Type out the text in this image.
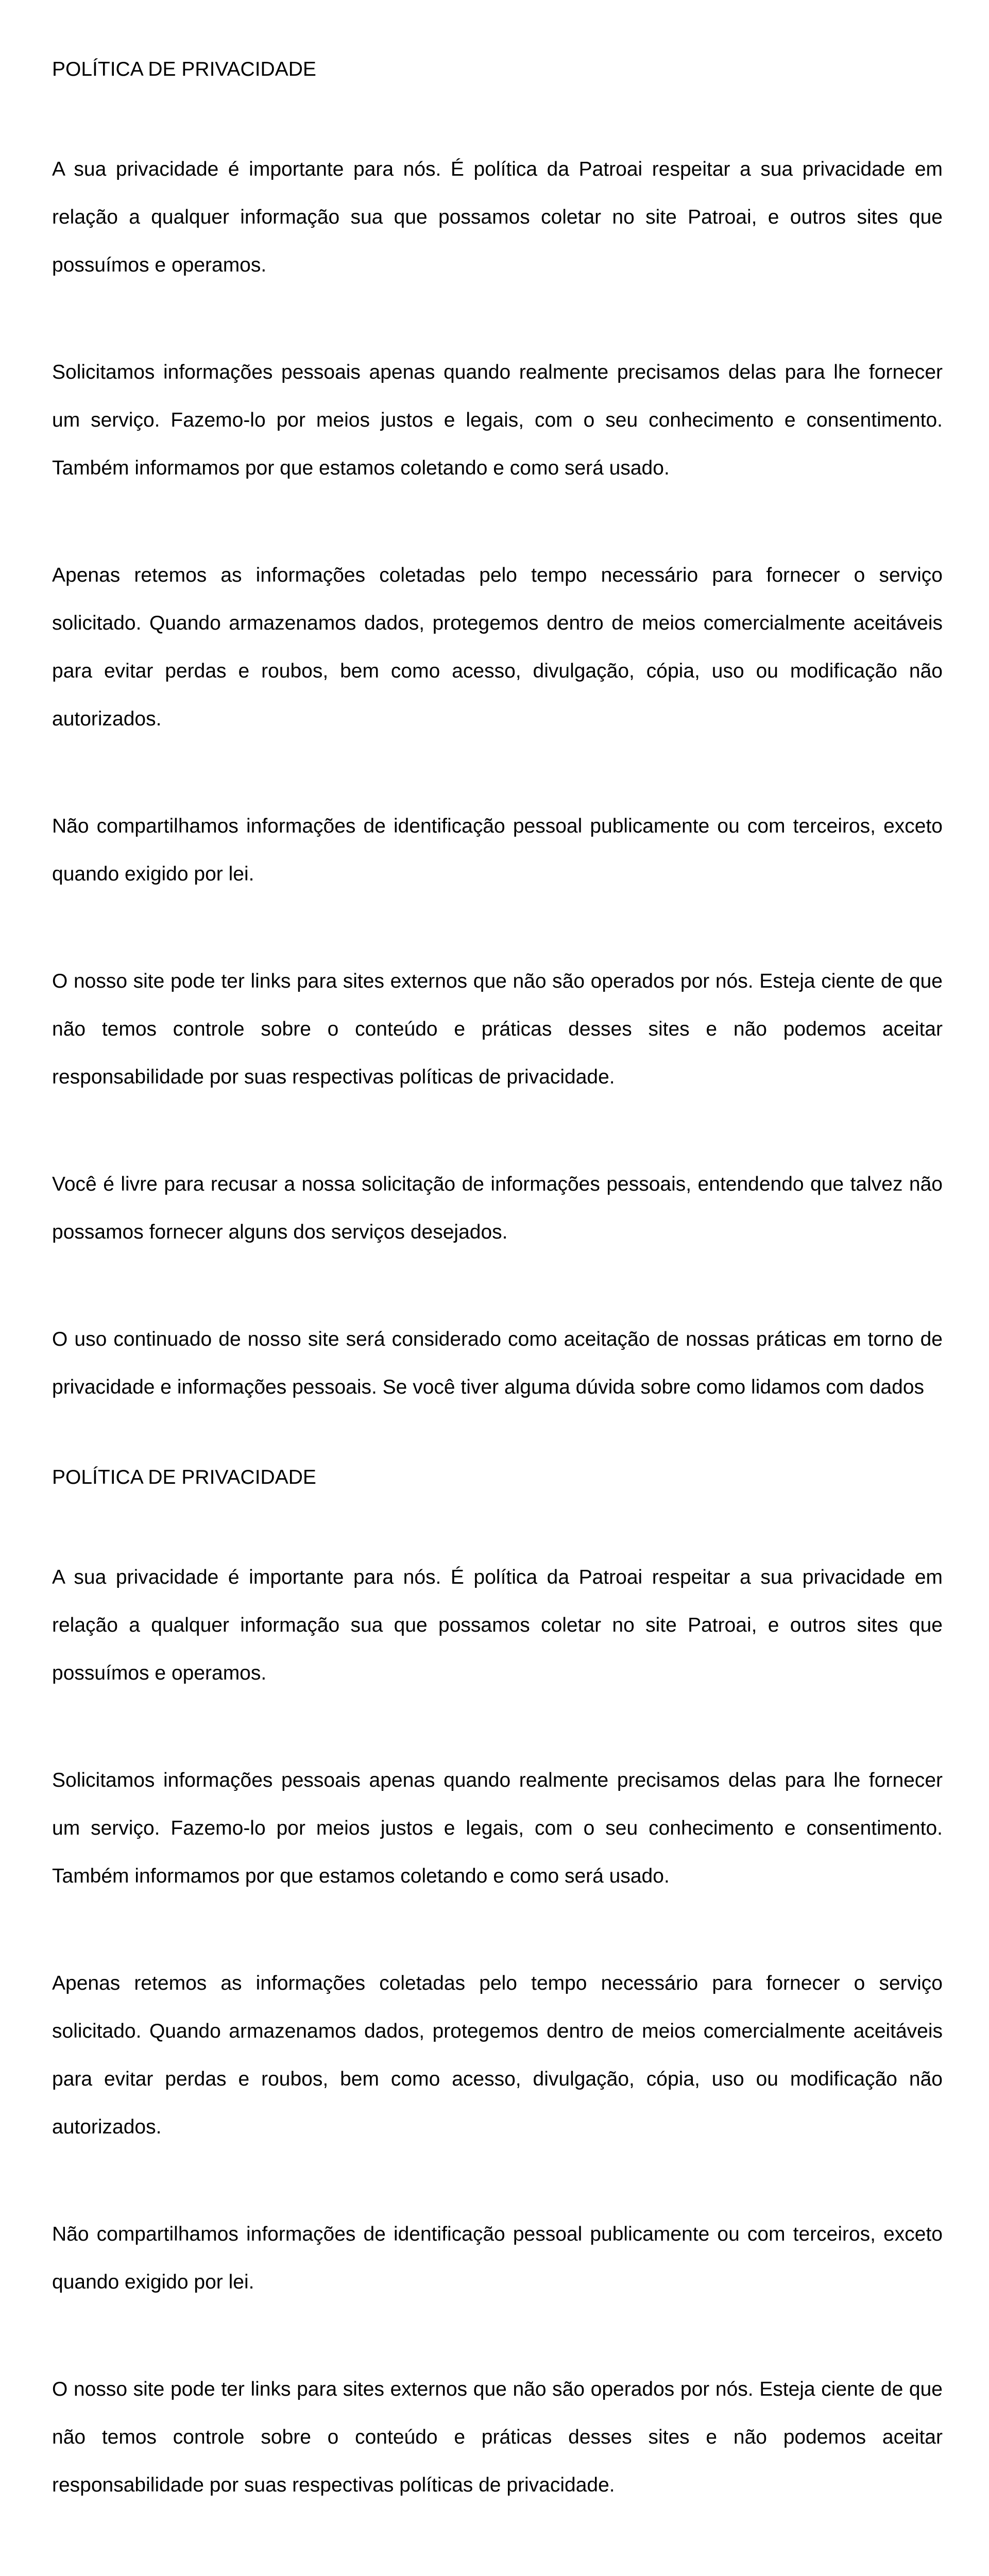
POLÍTICA DE PRIVACIDADE

A sua privacidade é importante para nós. É política da Patroai respeitar a sua privacidade em relação a qualquer informação sua que possamos coletar no site Patroai, e outros sites que possuímos e operamos.

Solicitamos informações pessoais apenas quando realmente precisamos delas para lhe fornecer um serviço. Fazemo-lo por meios justos e legais, com o seu conhecimento e consentimento. Também informamos por que estamos coletando e como será usado.

Apenas retemos as informações coletadas pelo tempo necessário para fornecer o serviço solicitado. Quando armazenamos dados, protegemos dentro de meios comercialmente aceitáveis para evitar perdas e roubos, bem como acesso, divulgação, cópia, uso ou modificação não autorizados.

Não compartilhamos informações de identificação pessoal publicamente ou com terceiros, exceto quando exigido por lei.

O nosso site pode ter links para sites externos que não são operados por nós. Esteja ciente de que não temos controle sobre o conteúdo e práticas desses sites e não podemos aceitar responsabilidade por suas respectivas políticas de privacidade.

Você é livre para recusar a nossa solicitação de informações pessoais, entendendo que talvez não possamos fornecer alguns dos serviços desejados.

O uso continuado de nosso site será considerado como aceitação de nossas práticas em torno de privacidade e informações pessoais. Se você tiver alguma dúvida sobre como lidamos com dados

POLÍTICA DE PRIVACIDADE

A sua privacidade é importante para nós. É política da Patroai respeitar a sua privacidade em relação a qualquer informação sua que possamos coletar no site Patroai, e outros sites que possuímos e operamos.

Solicitamos informações pessoais apenas quando realmente precisamos delas para lhe fornecer um serviço. Fazemo-lo por meios justos e legais, com o seu conhecimento e consentimento. Também informamos por que estamos coletando e como será usado.

Apenas retemos as informações coletadas pelo tempo necessário para fornecer o serviço solicitado. Quando armazenamos dados, protegemos dentro de meios comercialmente aceitáveis para evitar perdas e roubos, bem como acesso, divulgação, cópia, uso ou modificação não autorizados.

Não compartilhamos informações de identificação pessoal publicamente ou com terceiros, exceto quando exigido por lei.

O nosso site pode ter links para sites externos que não são operados por nós. Esteja ciente de que não temos controle sobre o conteúdo e práticas desses sites e não podemos aceitar responsabilidade por suas respectivas políticas de privacidade.
